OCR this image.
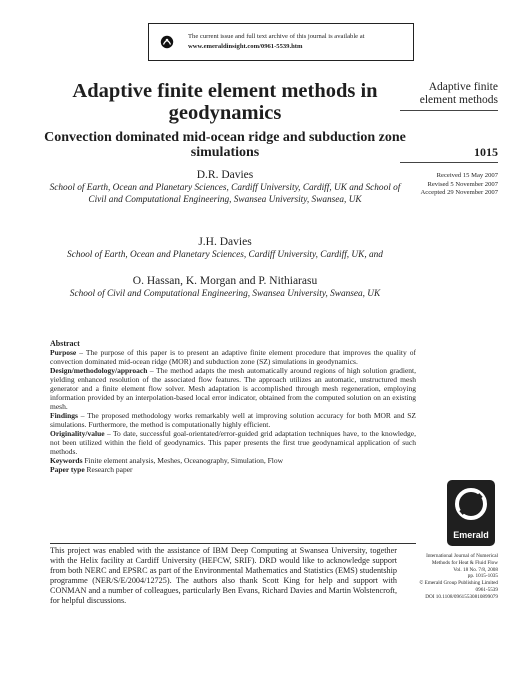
The current issue and full text archive of this journal is available at
www.emeraldinsight.com/0961-5539.htm
Adaptive finite element methods in geodynamics
Convection dominated mid-ocean ridge and subduction zone simulations
D.R. Davies
School of Earth, Ocean and Planetary Sciences, Cardiff University, Cardiff, UK and School of Civil and Computational Engineering, Swansea University, Swansea, UK
J.H. Davies
School of Earth, Ocean and Planetary Sciences, Cardiff University, Cardiff, UK, and
O. Hassan, K. Morgan and P. Nithiarasu
School of Civil and Computational Engineering, Swansea University, Swansea, UK
Adaptive finite element methods
1015
Received 15 May 2007
Revised 5 November 2007
Accepted 29 November 2007
Abstract

Purpose – The purpose of this paper is to present an adaptive finite element procedure that improves the quality of convection dominated mid-ocean ridge (MOR) and subduction zone (SZ) simulations in geodynamics.

Design/methodology/approach – The method adapts the mesh automatically around regions of high solution gradient, yielding enhanced resolution of the associated flow features. The approach utilizes an automatic, unstructured mesh generator and a finite element flow solver. Mesh adaptation is accomplished through mesh regeneration, employing information provided by an interpolation-based local error indicator, obtained from the computed solution on an existing mesh.

Findings – The proposed methodology works remarkably well at improving solution accuracy for both MOR and SZ simulations. Furthermore, the method is computationally highly efficient.

Originality/value – To date, successful goal-orientated/error-guided grid adaptation techniques have, to the knowledge, not been utilized within the field of geodynamics. This paper presents the first true geodynamical application of such methods.

Keywords Finite element analysis, Meshes, Oceanography, Simulation, Flow

Paper type Research paper

Emerald
This project was enabled with the assistance of IBM Deep Computing at Swansea University, together with the Helix facility at Cardiff University (HEFCW, SRIF). DRD would like to acknowledge support from both NERC and EPSRC as part of the Environmental Mathematics and Statistics (EMS) studentship programme (NER/S/E/2004/12725). The authors also thank Scott King for help and support with CONMAN and a number of colleagues, particularly Ben Evans, Richard Davies and Martin Wolstencroft, for helpful discussions.
International Journal of Numerical
Methods for Heat & Fluid Flow
Vol. 18 No. 7/8, 2008
pp. 1015-1035
© Emerald Group Publishing Limited
0961-5539
DOI 10.1108/09615530810899079
